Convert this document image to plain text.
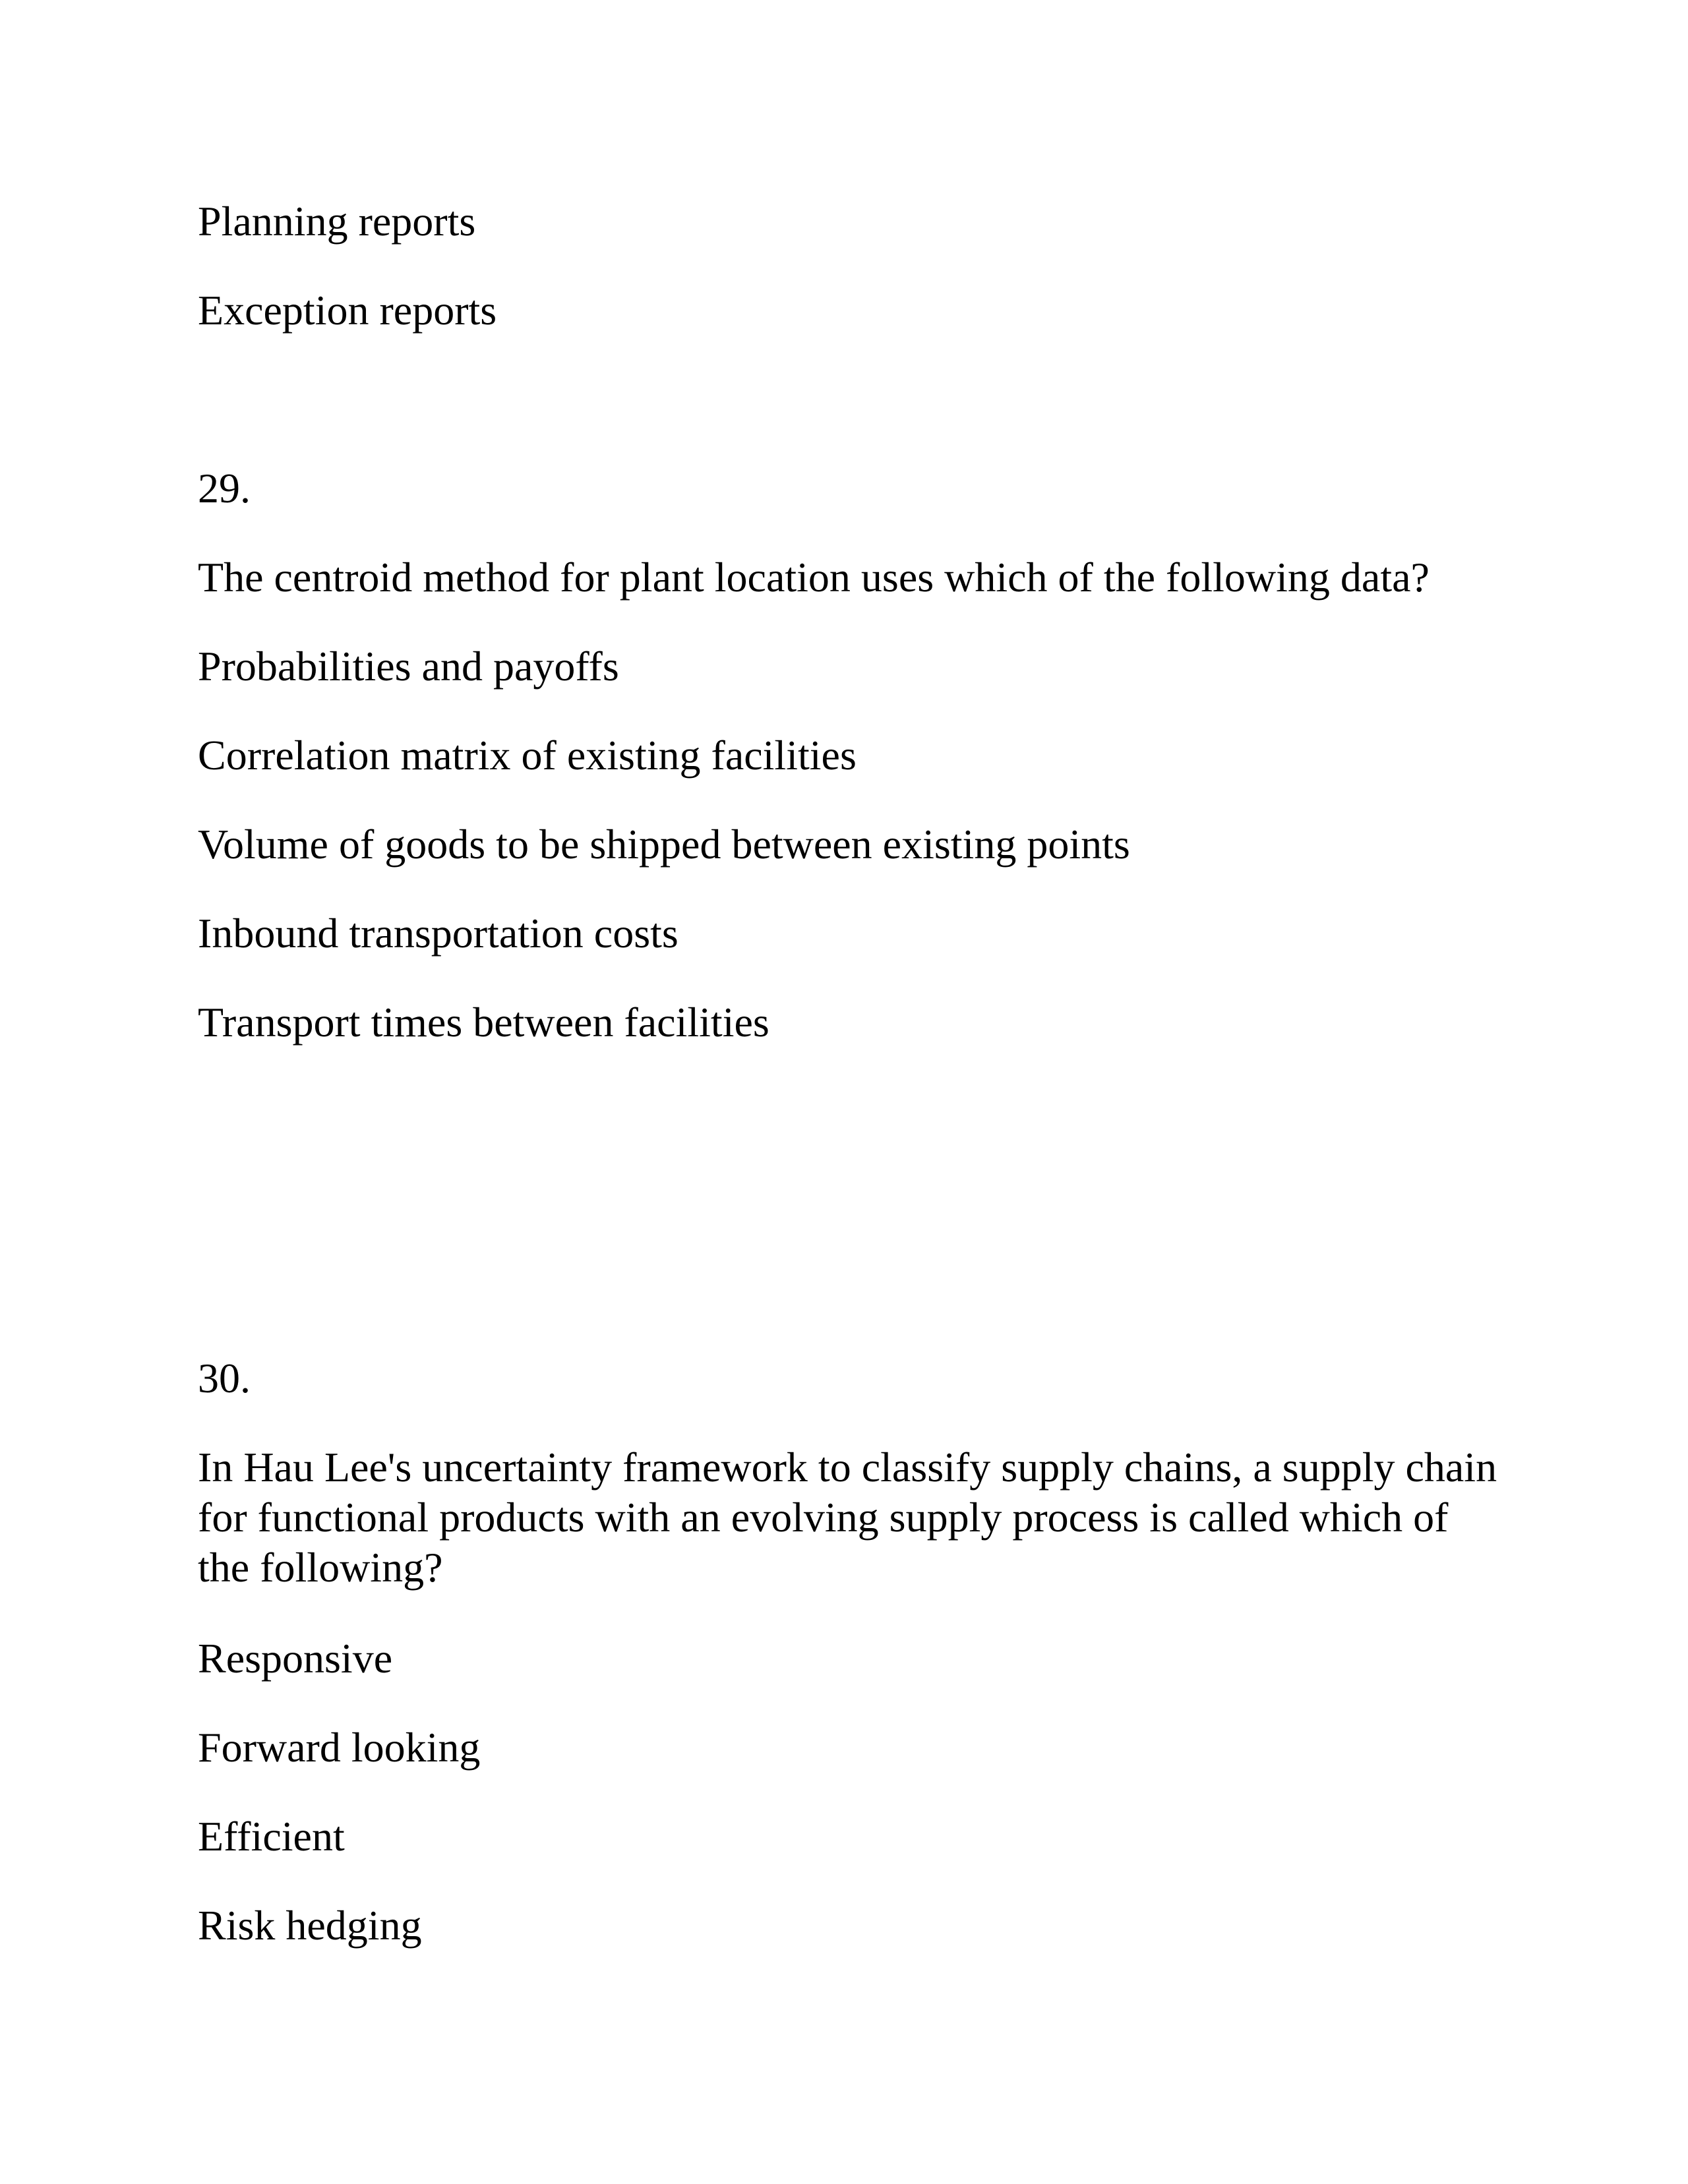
Planning reports
Exception reports
29.
The centroid method for plant location uses which of the following data?
Probabilities and payoffs
Correlation matrix of existing facilities
Volume of goods to be shipped between existing points
Inbound transportation costs
Transport times between facilities
30.
In Hau Lee's uncertainty framework to classify supply chains, a supply chain for functional products with an evolving supply process is called which of the following?
Responsive
Forward looking
Efficient
Risk hedging
